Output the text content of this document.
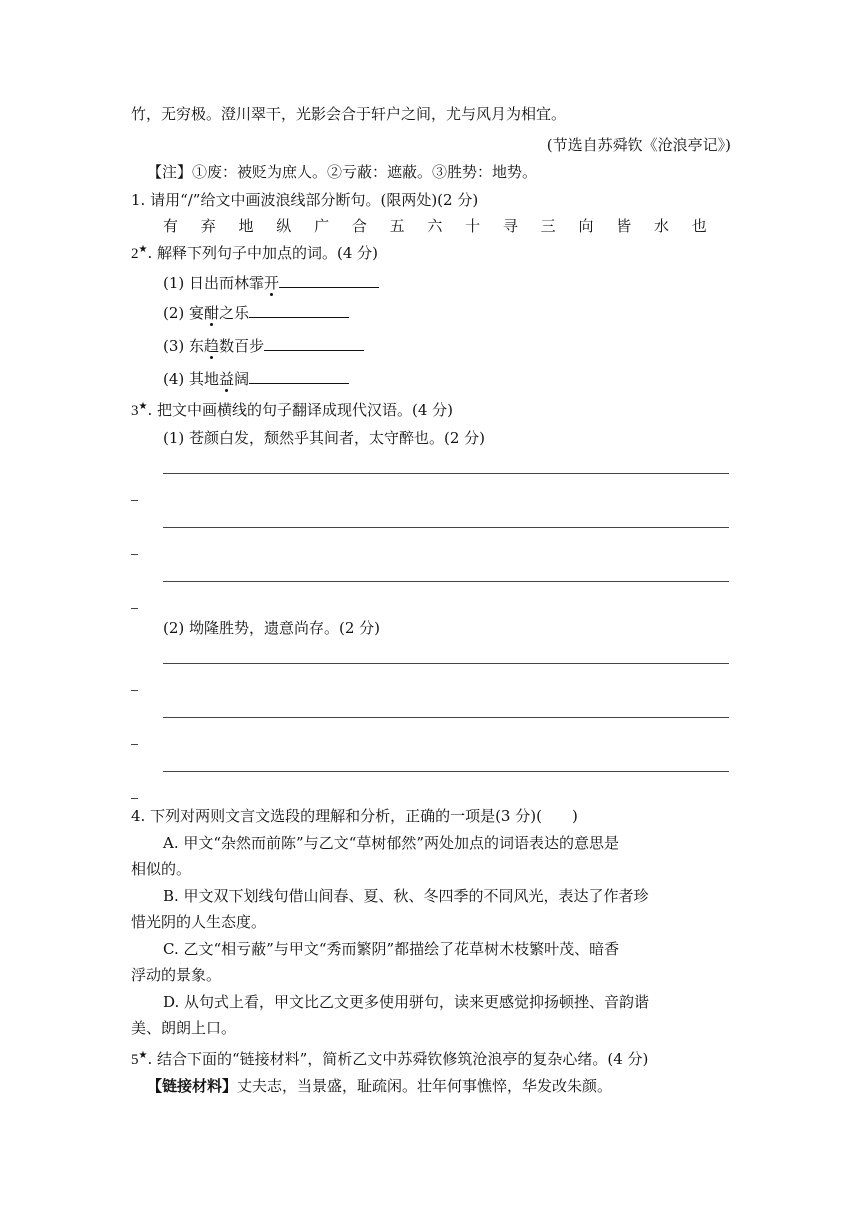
竹，无穷极。澄川翠干，光影会合于轩户之间，尤与风月为相宜。
(节选自苏舜钦《沧浪亭记》)
【注】①废：被贬为庶人。②亏蔽：遮蔽。③胜势：地势。
1. 请用“/”给文中画波浪线部分断句。(限两处)(2 分)
有 弃 地 纵 广 合 五 六 十 寻 三 向 皆 水 也
2★. 解释下列句子中加点的词。(4 分)
(1) 日出而林霏开
(2) 宴酣之乐
(3) 东趋数百步
(4) 其地益阔
3★. 把文中画横线的句子翻译成现代汉语。(4 分)
(1) 苍颜白发，颓然乎其间者，太守醉也。(2 分)
(2) 坳隆胜势，遗意尚存。(2 分)
4. 下列对两则文言文选段的理解和分析，正确的一项是(3 分)(　　)
A. 甲文“杂然而前陈”与乙文“草树郁然”两处加点的词语表达的意思是
相似的。
B. 甲文双下划线句借山间春、夏、秋、冬四季的不同风光，表达了作者珍
惜光阴的人生态度。
C. 乙文“相亏蔽”与甲文“秀而繁阴”都描绘了花草树木枝繁叶茂、暗香
浮动的景象。
D. 从句式上看，甲文比乙文更多使用骈句，读来更感觉抑扬顿挫、音韵谐
美、朗朗上口。
5★. 结合下面的“链接材料”，简析乙文中苏舜钦修筑沧浪亭的复杂心绪。(4 分)
【链接材料】丈夫志，当景盛，耻疏闲。壮年何事憔悴，华发改朱颜。
